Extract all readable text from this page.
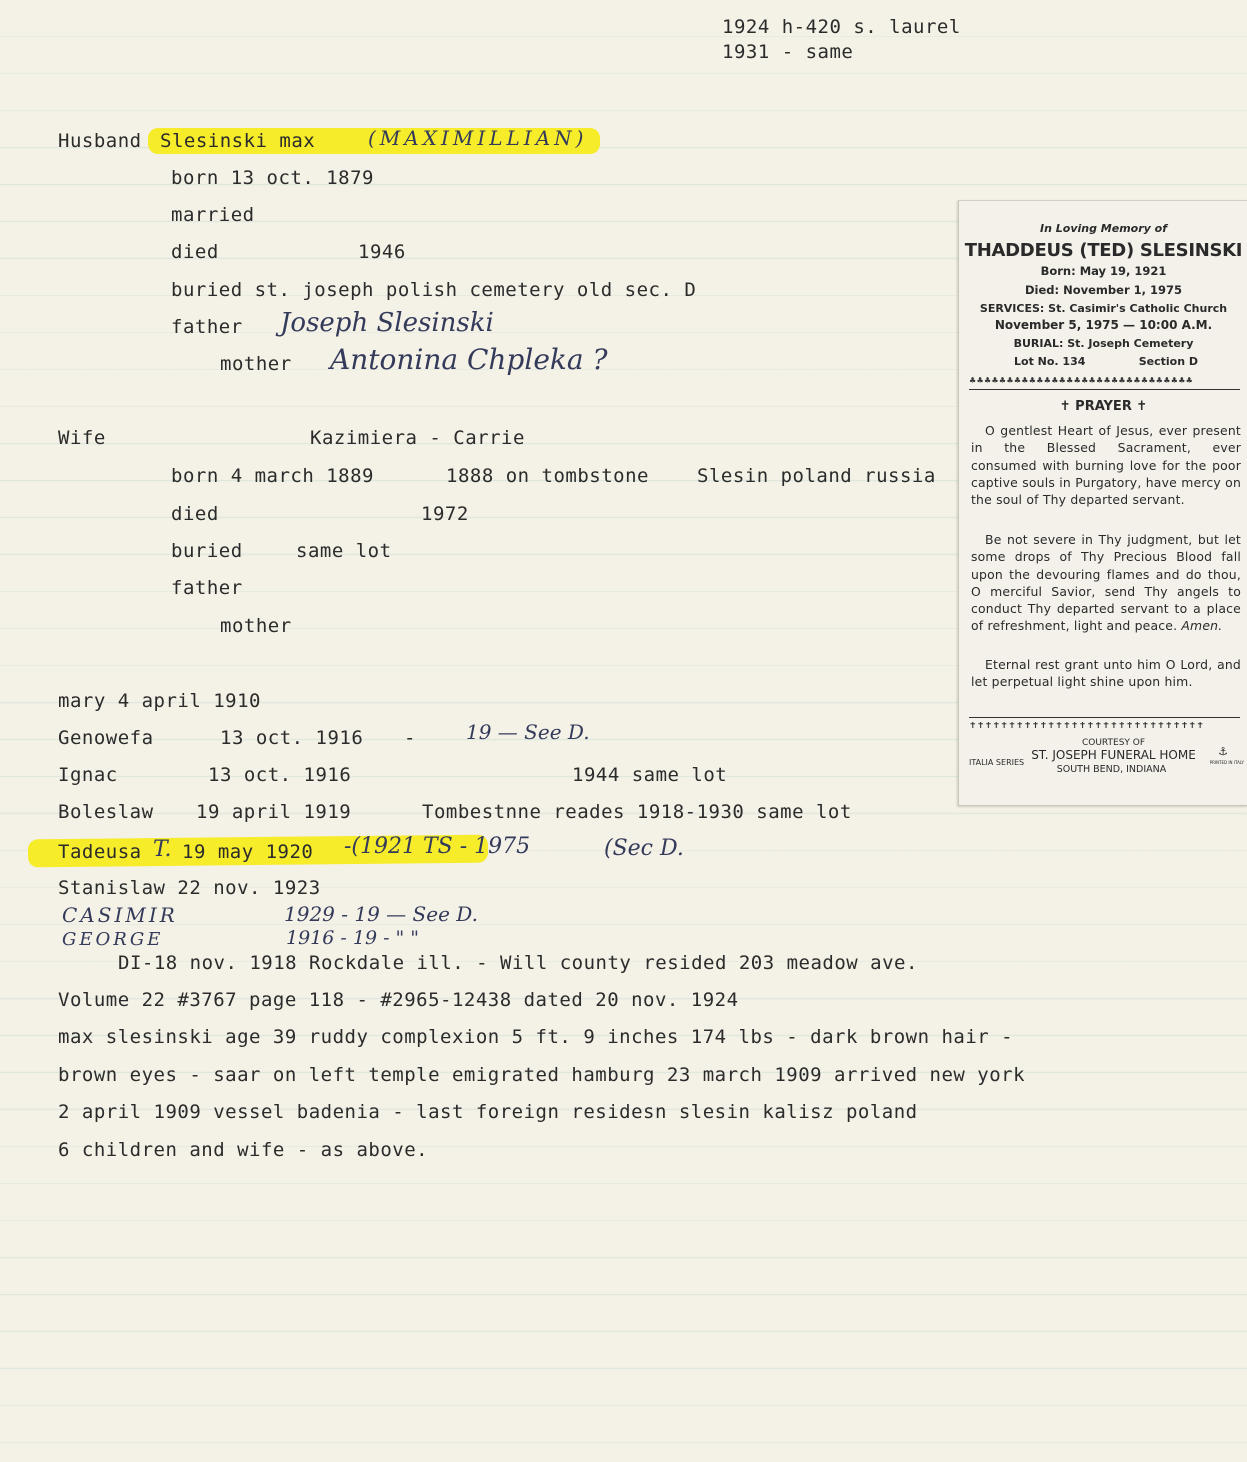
1924 h-420 s. laurel
1931 - same
Husband Slesinski max	(MAXIMILLIAN)
born 13 oct. 1879
married
died	1946
buried st. joseph polish cemetery old sec. D
father Joseph Slesinski
mother Antonina Chpleka ?
Wife	Kazimiera - Carrie
born 4 march 1889	1888 on tombstone	Slesin poland russia
died	1972
buried	same lot
father
mother
mary 4 april 1910
Genowefa	13 oct. 1916 -	19 — See D.
Ignac	13 oct. 1916	1944 same lot
Boleslaw 19 april 1919	Tombestnne reades 1918-1930 same lot
Tadeusa T. 19 may 1920 -(1921 TS - 1975	(Sec D.
Stanislaw 22 nov. 1923
CASIMIR	1929 - 19 — See D.
GEORGE	1916 - 19 - " "
DI-18 nov. 1918 Rockdale ill. - Will county resided 203 meadow ave.
Volume 22 #3767 page 118 - #2965-12438 dated 20 nov. 1924
max slesinski age 39 ruddy complexion 5 ft. 9 inches 174 lbs - dark brown hair -
brown eyes - saar on left temple emigrated hamburg 23 march 1909 arrived new york
2 april 1909 vessel badenia - last foreign residesn slesin kalisz poland
6 children and wife - as above.
In Loving Memory of
THADDEUS (TED) SLESINSKI
Born: May 19, 1921
Died: November 1, 1975
SERVICES: St. Casimir's Catholic Church
November 5, 1975 — 10:00 A.M.
BURIAL: St. Joseph Cemetery
Lot No. 134	Section D
♣♣♣♣♣♣♣♣♣♣♣♣♣♣♣♣♣♣♣♣♣♣♣♣♣♣♣♣♣♣
✝ PRAYER ✝
O gentlest Heart of Jesus, ever present in the Blessed Sacrament, ever consumed with burning love for the poor captive souls in Purgatory, have mercy on the soul of Thy departed servant.
Be not severe in Thy judgment, but let some drops of Thy Precious Blood fall upon the devouring flames and do thou, O merciful Savior, send Thy angels to conduct Thy departed servant to a place of refreshment, light and peace. Amen.
Eternal rest grant unto him O Lord, and let perpetual light shine upon him.
✝✝✝✝✝✝✝✝✝✝✝✝✝✝✝✝✝✝✝✝✝✝✝✝✝✝✝✝✝✝
COURTESY OF
ST. JOSEPH FUNERAL HOME
ITALIA SERIES
⚓
PRINTED IN ITALY
SOUTH BEND, INDIANA
